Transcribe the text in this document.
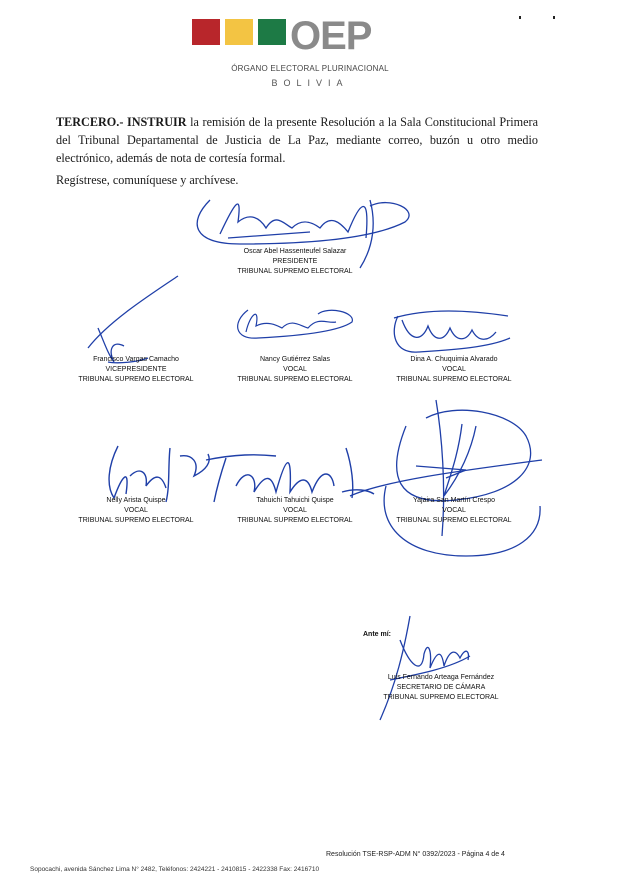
OEP
ÓRGANO ELECTORAL PLURINACIONAL
BOLIVIA
TERCERO.- INSTRUIR la remisión de la presente Resolución a la Sala Constitucional Primera del Tribunal Departamental de Justicia de La Paz, mediante correo, buzón u otro medio electrónico, además de nota de cortesía formal.
Regístrese, comuníquese y archívese.
Oscar Abel Hassenteufel Salazar
PRESIDENTE
TRIBUNAL SUPREMO ELECTORAL
Francisco Vargas Camacho
VICEPRESIDENTE
TRIBUNAL SUPREMO ELECTORAL
Nancy Gutiérrez Salas
VOCAL
TRIBUNAL SUPREMO ELECTORAL
Dina A. Chuquimia Alvarado
VOCAL
TRIBUNAL SUPREMO ELECTORAL
Nelly Arista Quispe
VOCAL
TRIBUNAL SUPREMO ELECTORAL
Tahuichi Tahuichi Quispe
VOCAL
TRIBUNAL SUPREMO ELECTORAL
Yajaira San Martín Crespo
VOCAL
TRIBUNAL SUPREMO ELECTORAL
Ante mí:
Luis Fernando Arteaga Fernández
SECRETARIO DE CÁMARA
TRIBUNAL SUPREMO ELECTORAL
Resolución TSE-RSP-ADM N° 0392/2023 - Página 4 de 4
Sopocachi, avenida Sánchez Lima N° 2482, Teléfonos: 2424221 - 2410815 - 2422338 Fax: 2416710
